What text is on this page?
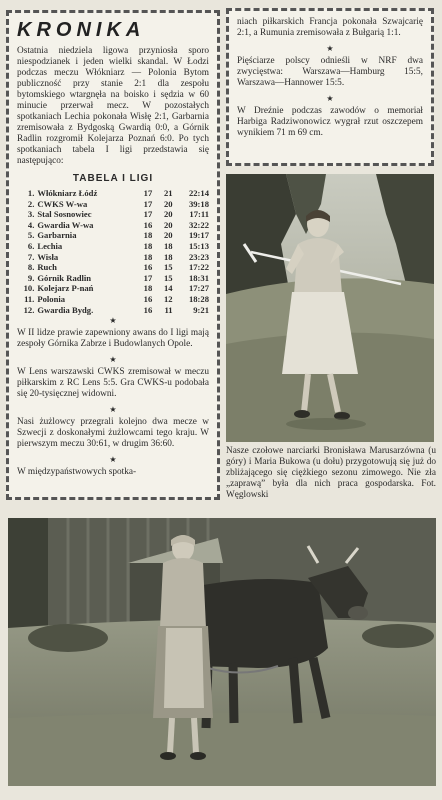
KRONIKA

Ostatnia niedziela ligowa przyniosła sporo niespodzianek i jeden wielki skandal. W Łodzi podczas meczu Włókniarz — Polonia Bytom publiczność przy stanie 2:1 dla zespołu bytomskiego wtargnęła na boisko i sędzia w 60 minucie przerwał mecz. W pozostałych spotkaniach Lechia pokonała Wisłę 2:1, Garbarnia zremisowała z Bydgoską Gwardią 0:0, a Górnik Radlin rozgromił Kolejarza Poznań 6:0. Po tych spotkaniach tabela I ligi przedstawia się następująco:

TABELA I LIGI
1.	Włókniarz Łódź	17	21	22:14
2.	CWKS W-wa	17	20	39:18
3.	Stal Sosnowiec	17	20	17:11
4.	Gwardia W-wa	16	20	32:22
5.	Garbarnia	18	20	19:17
6.	Lechia	18	18	15:13
7.	Wisła	18	18	23:23
8.	Ruch	16	15	17:22
9.	Górnik Radlin	17	15	18:31
10.	Kolejarz P-nań	18	14	17:27
11.	Polonia	16	12	18:28
12.	Gwardia Bydg.	16	11	9:21
★

W II lidze prawie zapewniony awans do I ligi mają zespoły Górnika Zabrze i Budowlanych Opole.

★

W Lens warszawski CWKS zremisował w meczu piłkarskim z RC Lens 5:5. Gra CWKS-u podobała się 20-tysięcznej widowni.

★

Nasi żużlowcy przegrali kolejno dwa mecze w Szwecji z doskonałymi żużlowcami tego kraju. W pierwszym meczu 30:61, w drugim 36:60.

★

W międzypaństwowych spotka-

niach piłkarskich Francja pokonała Szwajcarię 2:1, a Rumunia zremisowała z Bułgarią 1:1.

★

Pięściarze polscy odnieśli w NRF dwa zwycięstwa: Warszawa—Hamburg 15:5, Warszawa—Hannower 15:5.

★

W Dreźnie podczas zawodów o memoriał Harbiga Radziwonowicz wygrał rzut oszczepem wynikiem 71 m 69 cm.

Nasze czołowe narciarki Bronisława Marusarzówna (u góry) i Maria Bukowa (u dołu) przygotowują się już do zbliżającego się ciężkiego sezonu zimowego. Nie zła „zaprawą” była dla nich praca gospodarska. Fot. Węglowski
